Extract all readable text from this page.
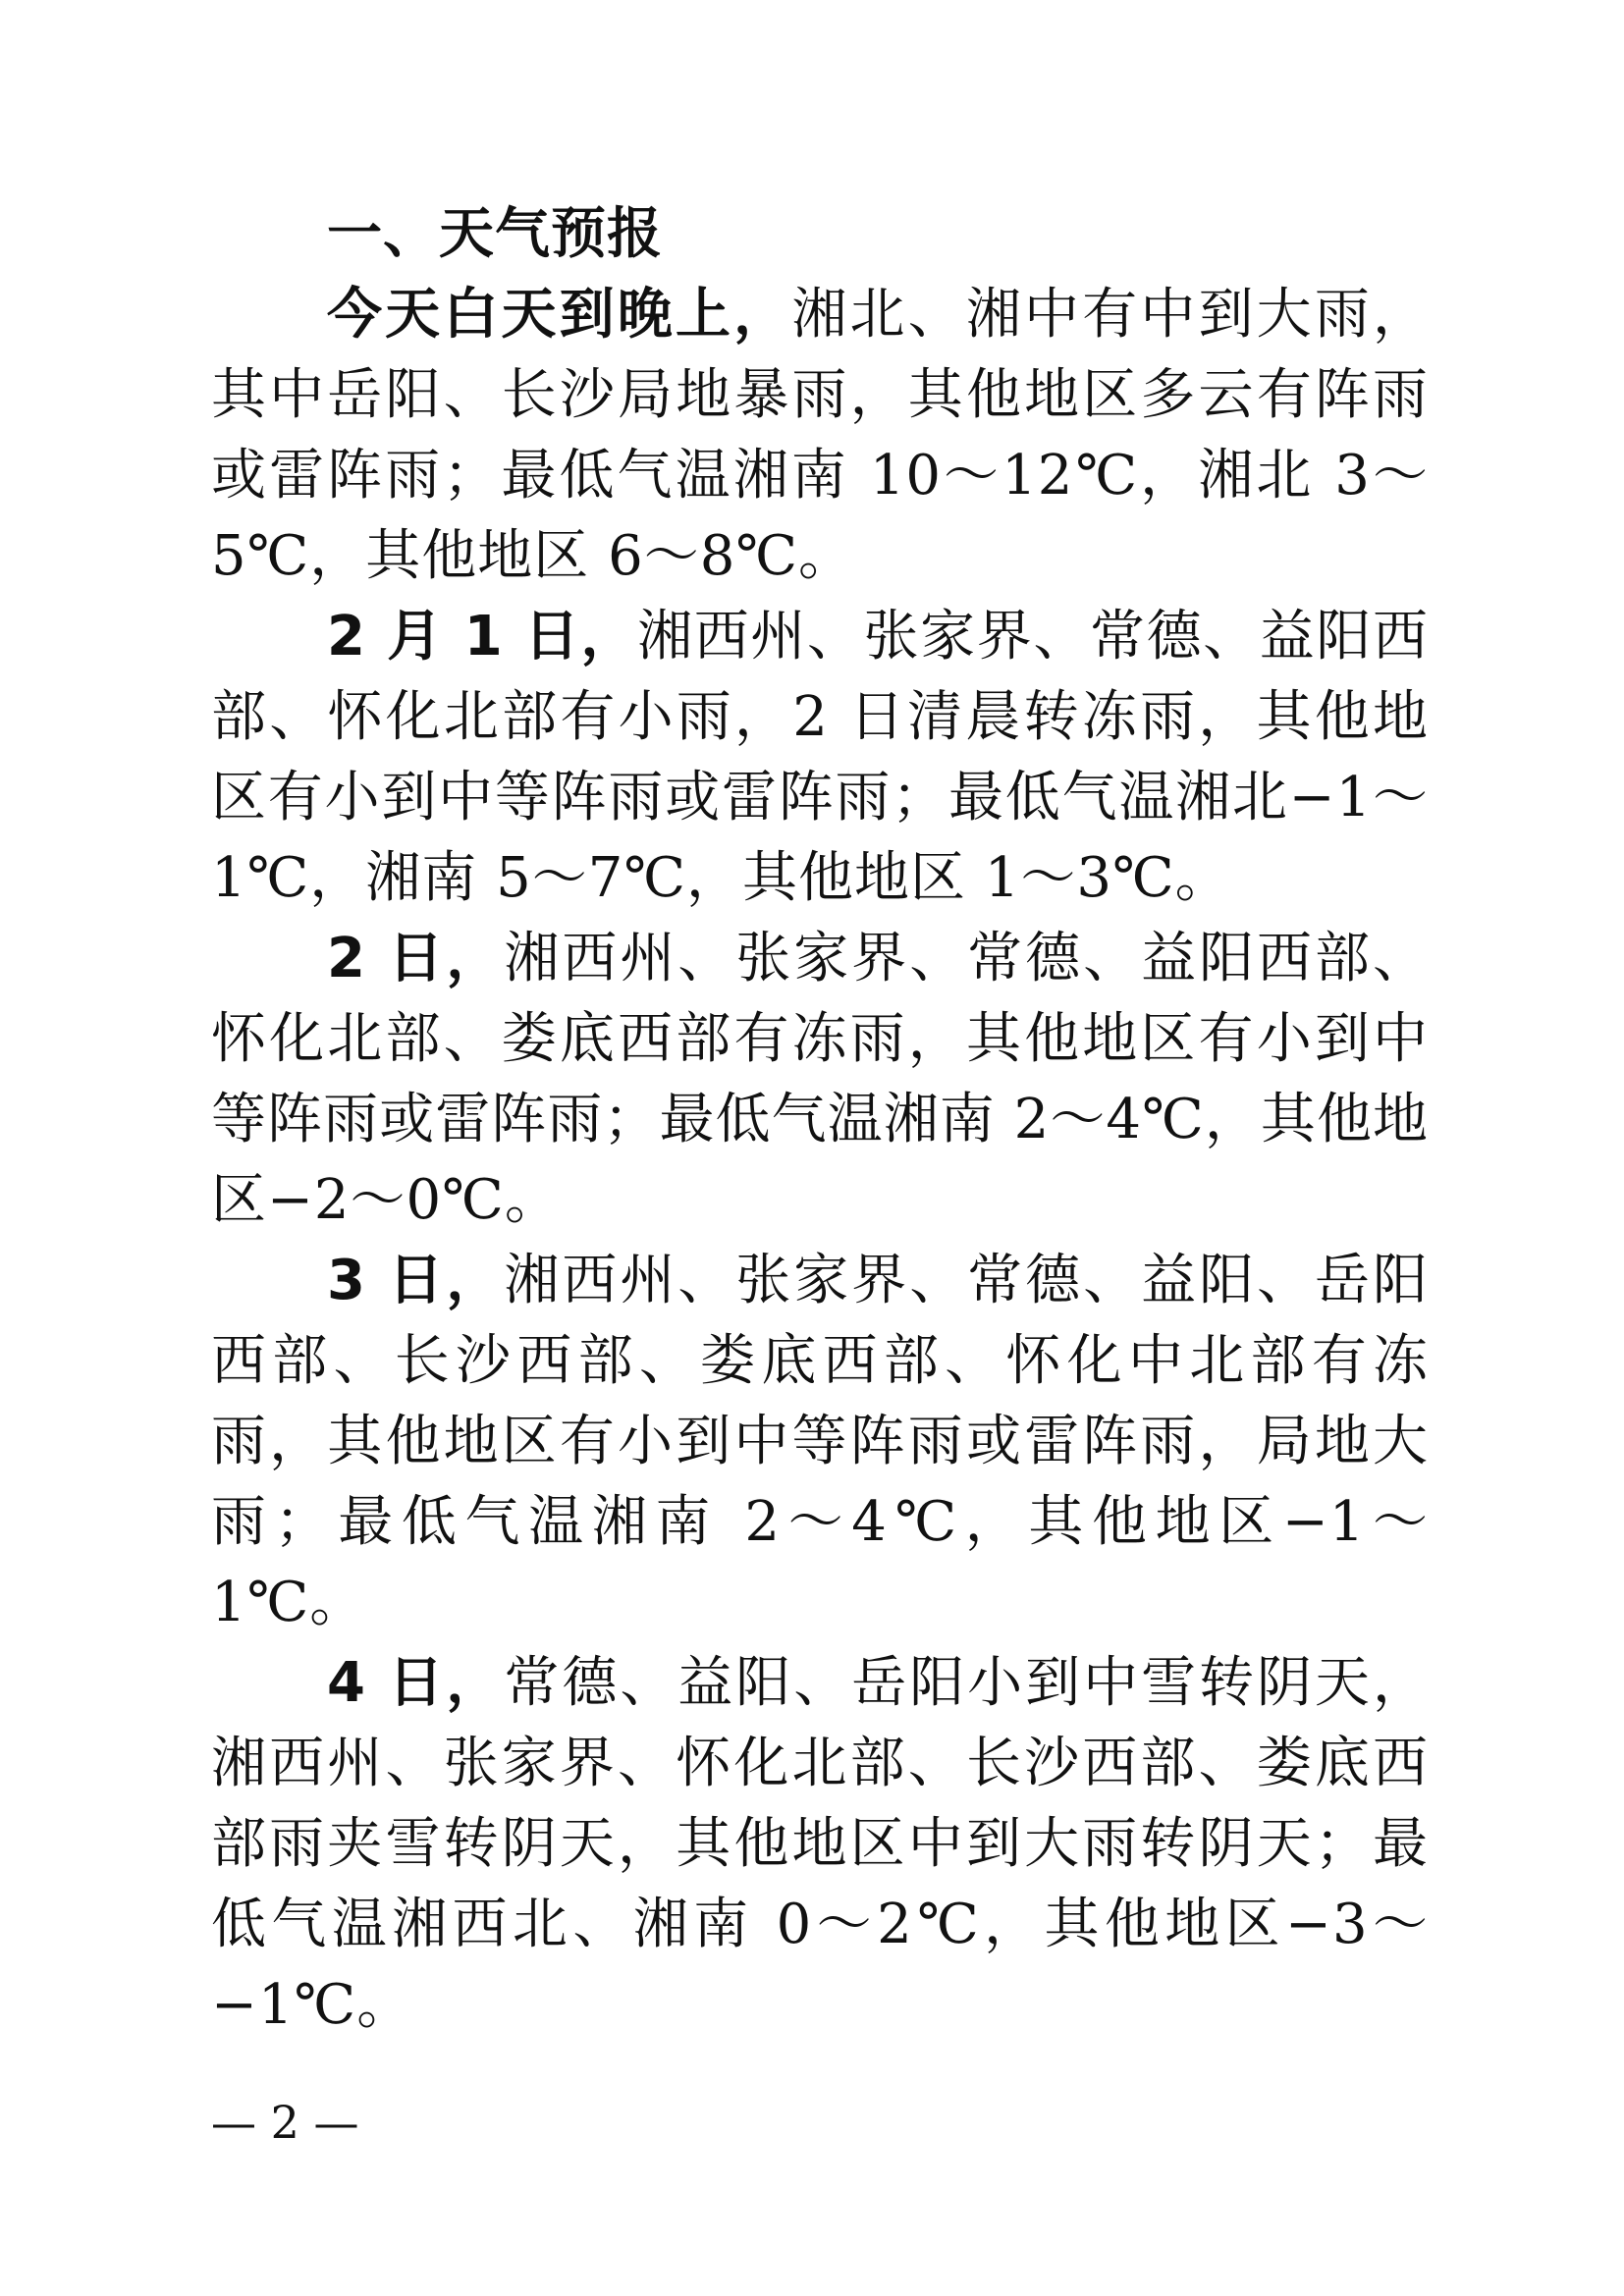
一、天气预报

今天白天到晚上，湘北、湘中有中到大雨，其中岳阳、长沙局地暴雨，其他地区多云有阵雨或雷阵雨；最低气温湘南 10～12℃，湘北 3～5℃，其他地区 6～8℃。

2 月 1 日，湘西州、张家界、常德、益阳西部、怀化北部有小雨，2 日清晨转冻雨，其他地区有小到中等阵雨或雷阵雨；最低气温湘北−1～1℃，湘南 5～7℃，其他地区 1～3℃。

2 日，湘西州、张家界、常德、益阳西部、怀化北部、娄底西部有冻雨，其他地区有小到中等阵雨或雷阵雨；最低气温湘南 2～4℃，其他地区−2～0℃。

3 日，湘西州、张家界、常德、益阳、岳阳西部、长沙西部、娄底西部、怀化中北部有冻雨，其他地区有小到中等阵雨或雷阵雨，局地大雨；最低气温湘南 2～4℃，其他地区−1～1℃。

4 日，常德、益阳、岳阳小到中雪转阴天，湘西州、张家界、怀化北部、长沙西部、娄底西部雨夹雪转阴天，其他地区中到大雨转阴天；最低气温湘西北、湘南 0～2℃，其他地区−3～−1℃。

— 2 —
